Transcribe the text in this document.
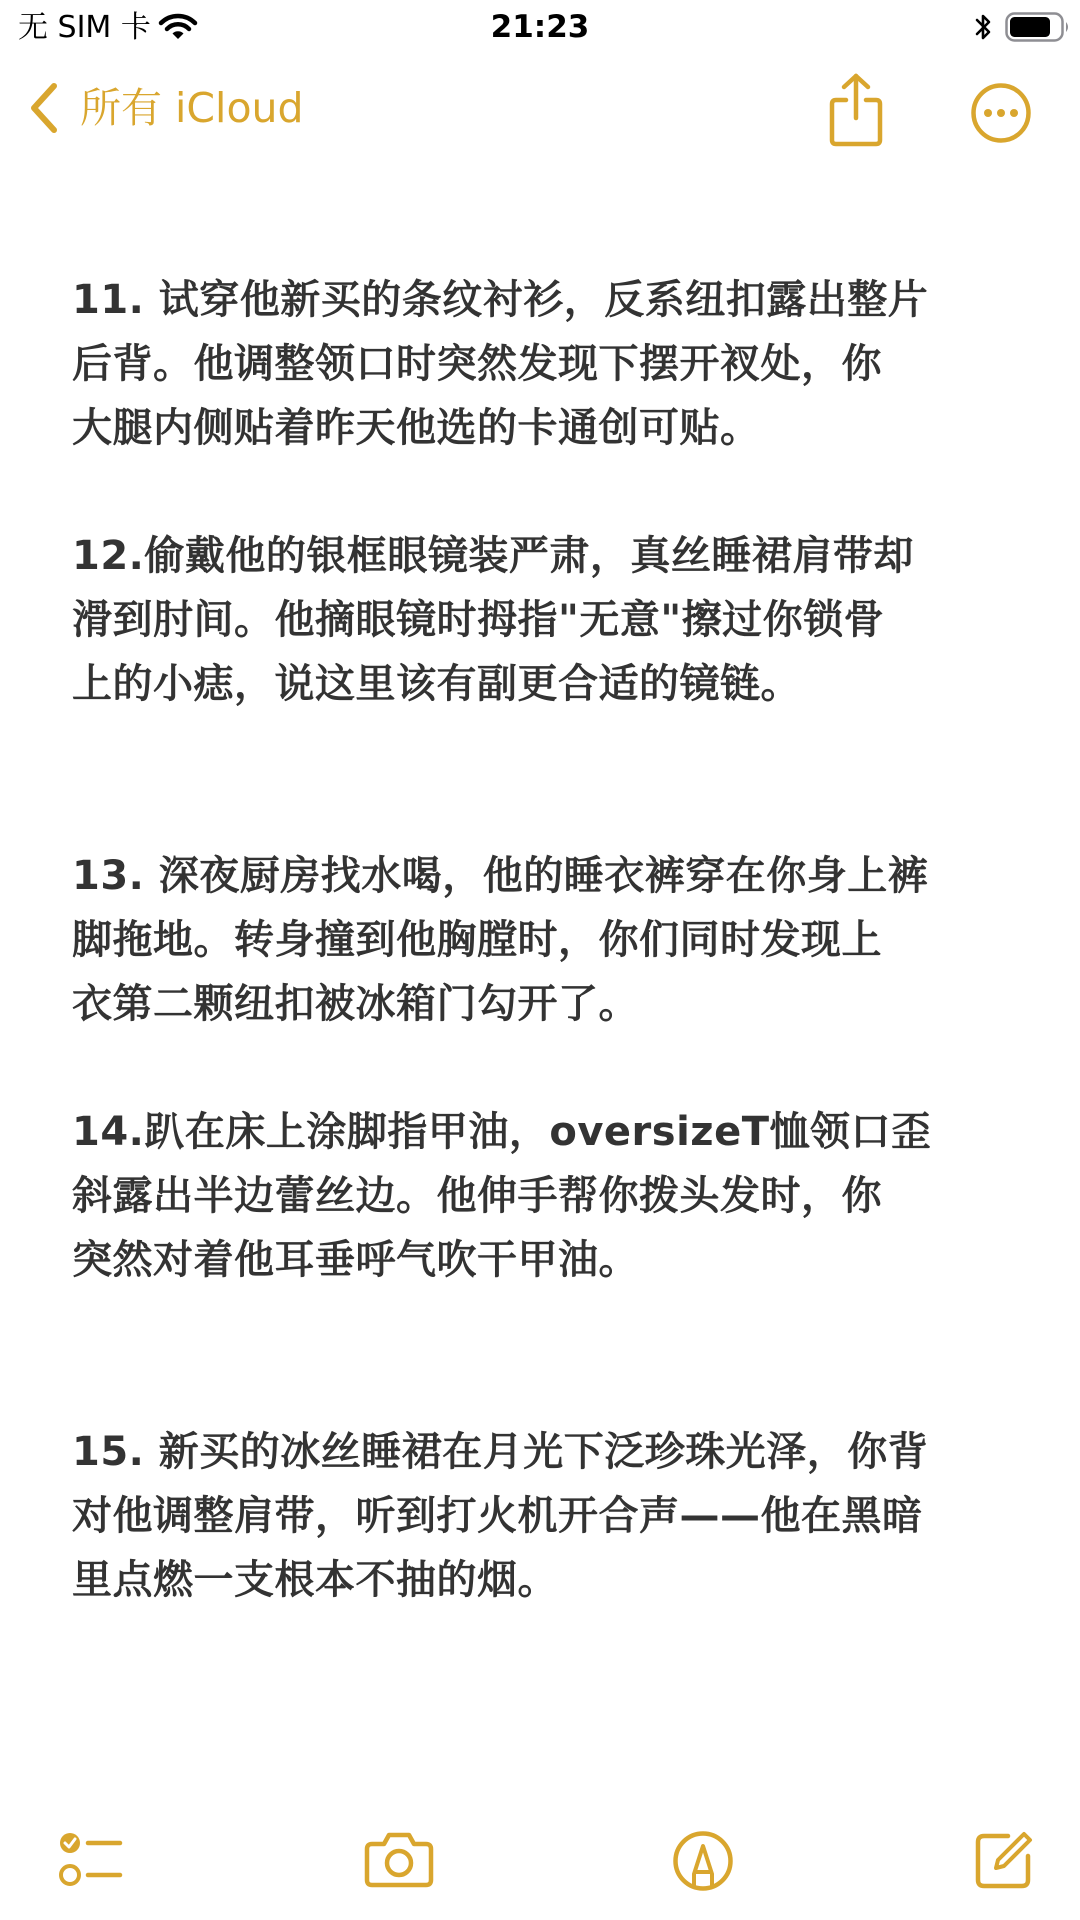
无 SIM 卡	21:23
所有 iCloud

11. 试穿他新买的条纹衬衫，反系纽扣露出整片
后背。他调整领口时突然发现下摆开衩处，你
大腿内侧贴着昨天他选的卡通创可贴。

12.偷戴他的银框眼镜装严肃，真丝睡裙肩带却
滑到肘间。他摘眼镜时拇指"无意"擦过你锁骨
上的小痣，说这里该有副更合适的镜链。

13. 深夜厨房找水喝，他的睡衣裤穿在你身上裤
脚拖地。转身撞到他胸膛时，你们同时发现上
衣第二颗纽扣被冰箱门勾开了。

14.趴在床上涂脚指甲油，oversizeT恤领口歪
斜露出半边蕾丝边。他伸手帮你拨头发时，你
突然对着他耳垂呼气吹干甲油。

15. 新买的冰丝睡裙在月光下泛珍珠光泽，你背
对他调整肩带，听到打火机开合声——他在黑暗
里点燃一支根本不抽的烟。
